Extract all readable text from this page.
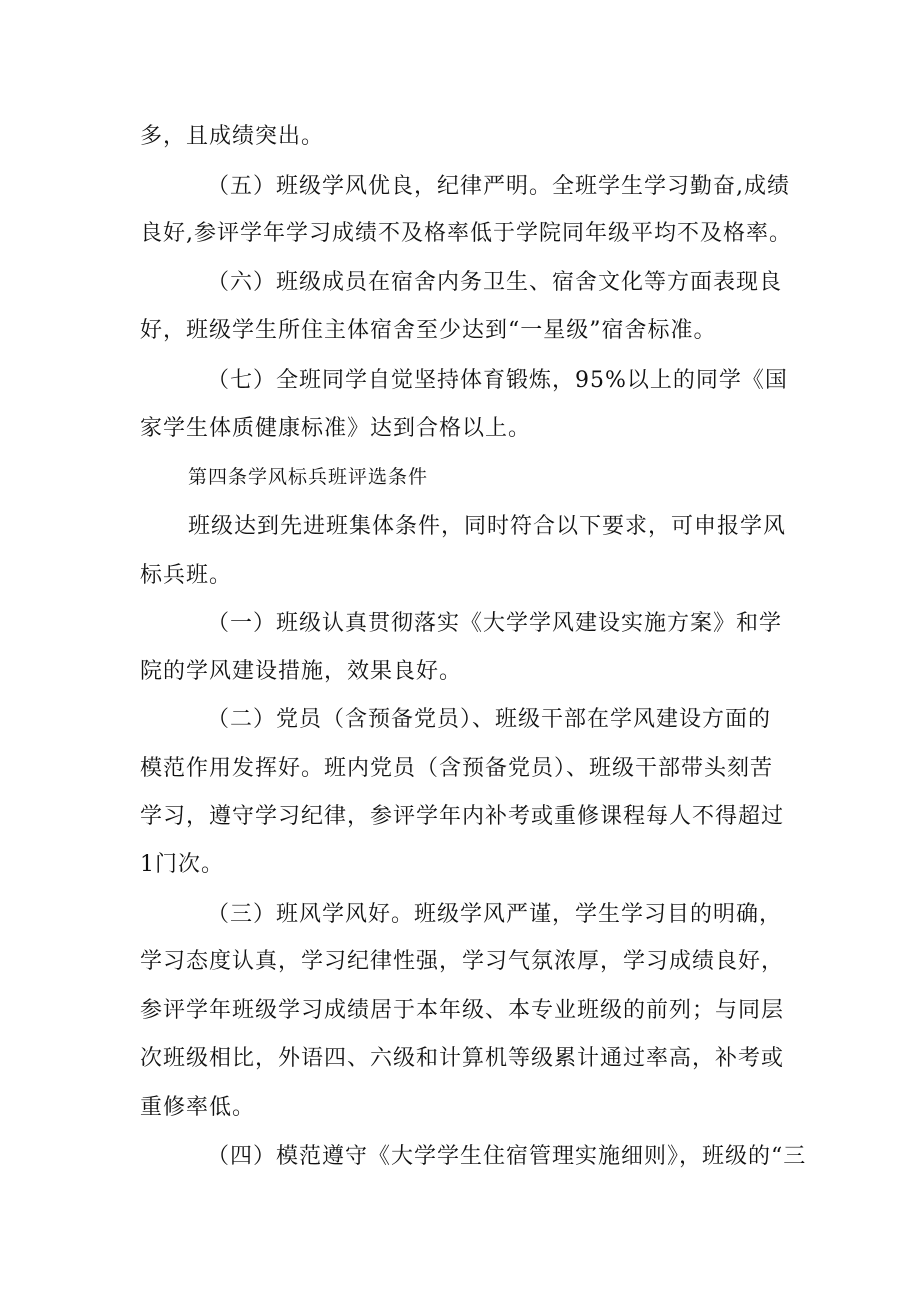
多，且成绩突出。
（五）班级学风优良，纪律严明。全班学生学习勤奋,成绩
良好,参评学年学习成绩不及格率低于学院同年级平均不及格率。
（六）班级成员在宿舍内务卫生、宿舍文化等方面表现良
好，班级学生所住主体宿舍至少达到“一星级”宿舍标准。
（七）全班同学自觉坚持体育锻炼，95%以上的同学《国
家学生体质健康标准》达到合格以上。
第四条学风标兵班评选条件
班级达到先进班集体条件，同时符合以下要求，可申报学风
标兵班。
（一）班级认真贯彻落实《大学学风建设实施方案》和学
院的学风建设措施，效果良好。
（二）党员（含预备党员）、班级干部在学风建设方面的
模范作用发挥好。班内党员（含预备党员）、班级干部带头刻苦
学习，遵守学习纪律，参评学年内补考或重修课程每人不得超过
1门次。
（三）班风学风好。班级学风严谨，学生学习目的明确，
学习态度认真，学习纪律性强，学习气氛浓厚，学习成绩良好，
参评学年班级学习成绩居于本年级、本专业班级的前列；与同层
次班级相比，外语四、六级和计算机等级累计通过率高，补考或
重修率低。
（四）模范遵守《大学学生住宿管理实施细则》，班级的“三
